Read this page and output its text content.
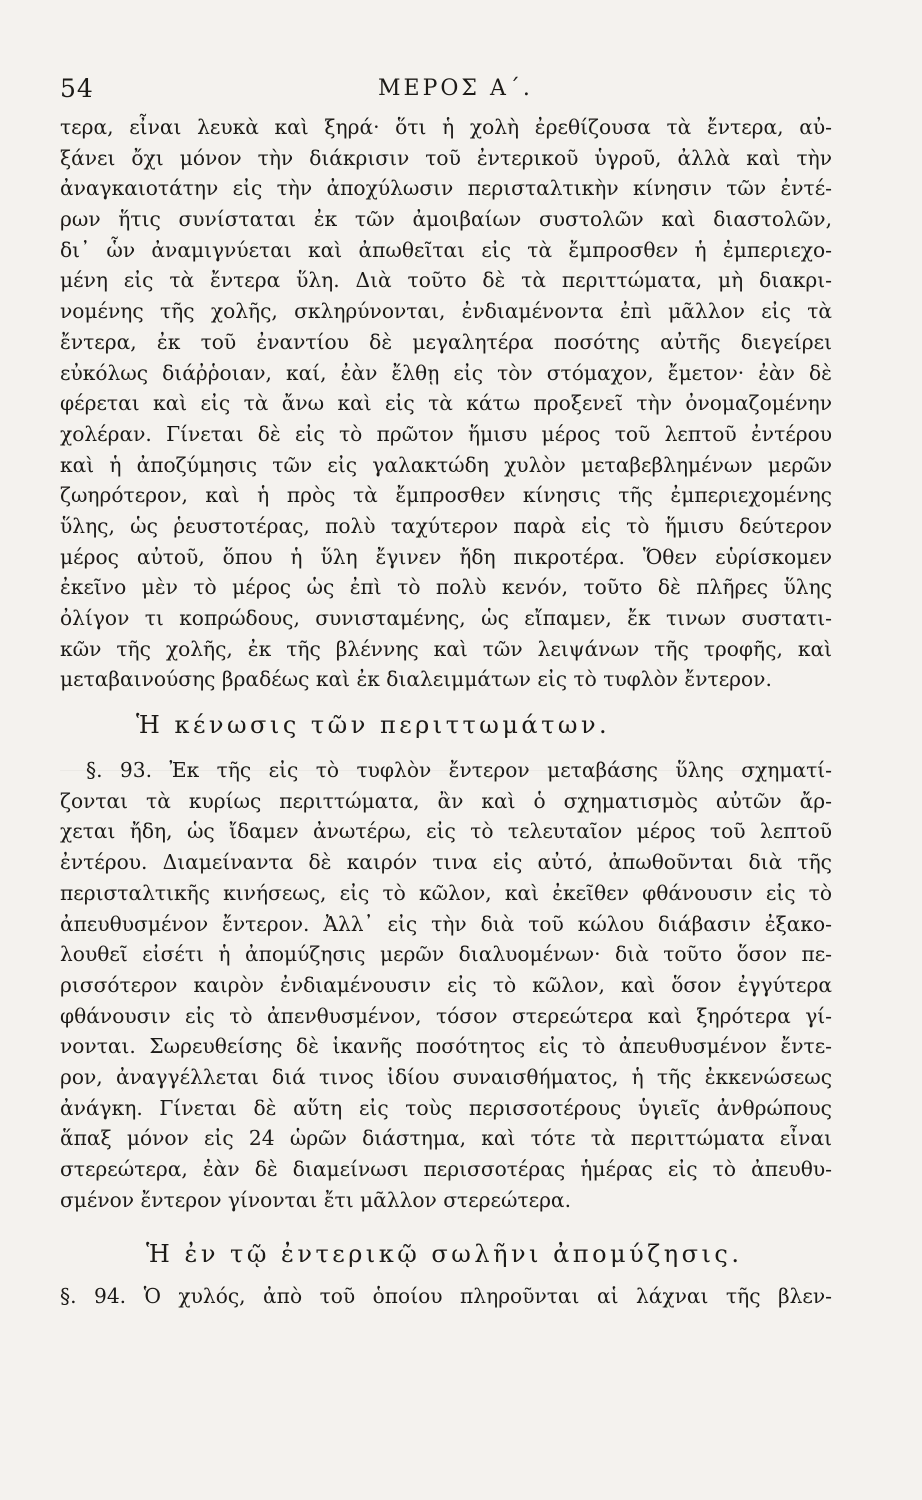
54	ΜΕΡΟΣ Α΄.
τερα, εἶναι λευκὰ καὶ ξηρά· ὅτι ἡ χολὴ ἐρεθίζουσα τὰ ἔντερα, αὐ-
ξάνει ὄχι μόνον τὴν διάκρισιν τοῦ ἐντερικοῦ ὑγροῦ, ἀλλὰ καὶ τὴν
ἀναγκαιοτάτην εἰς τὴν ἀποχύλωσιν περισταλτικὴν κίνησιν τῶν ἐντέ-
ρων ἥτις συνίσταται ἐκ τῶν ἀμοιβαίων συστολῶν καὶ διαστολῶν,
δι᾽ ὧν ἀναμιγνύεται καὶ ἀπωθεῖται εἰς τὰ ἔμπροσθεν ἡ ἐμπεριεχο-
μένη εἰς τὰ ἔντερα ὕλη. Διὰ τοῦτο δὲ τὰ περιττώματα, μὴ διακρι-
νομένης τῆς χολῆς, σκληρύνονται, ἐνδιαμένοντα ἐπὶ μᾶλλον εἰς τὰ
ἔντερα, ἐκ τοῦ ἐναντίου δὲ μεγαλητέρα ποσότης αὐτῆς διεγείρει
εὐκόλως διάῤῥοιαν, καί, ἐὰν ἔλθῃ εἰς τὸν στόμαχον, ἔμετον· ἐὰν δὲ
φέρεται καὶ εἰς τὰ ἄνω καὶ εἰς τὰ κάτω προξενεῖ τὴν ὀνομαζομένην
χολέραν. Γίνεται δὲ εἰς τὸ πρῶτον ἥμισυ μέρος τοῦ λεπτοῦ ἐντέρου
καὶ ἡ ἀποζύμησις τῶν εἰς γαλακτώδη χυλὸν μεταβεβλημένων μερῶν
ζωηρότερον, καὶ ἡ πρὸς τὰ ἔμπροσθεν κίνησις τῆς ἐμπεριεχομένης
ὕλης, ὡς ῥευστοτέρας, πολὺ ταχύτερον παρὰ εἰς τὸ ἥμισυ δεύτερον
μέρος αὐτοῦ, ὅπου ἡ ὕλη ἔγινεν ἤδη πικροτέρα. Ὅθεν εὑρίσκομεν
ἐκεῖνο μὲν τὸ μέρος ὡς ἐπὶ τὸ πολὺ κενόν, τοῦτο δὲ πλῆρες ὕλης
ὀλίγον τι κοπρώδους, συνισταμένης, ὡς εἴπαμεν, ἔκ τινων συστατι-
κῶν τῆς χολῆς, ἐκ τῆς βλέννης καὶ τῶν λειψάνων τῆς τροφῆς, καὶ
μεταβαινούσης βραδέως καὶ ἐκ διαλειμμάτων εἰς τὸ τυφλὸν ἔντερον.
Ἡ κένωσις τῶν περιττωμάτων.
§. 93. Ἐκ τῆς εἰς τὸ τυφλὸν ἔντερον μεταβάσης ὕλης σχηματί-
ζονται τὰ κυρίως περιττώματα, ἂν καὶ ὁ σχηματισμὸς αὐτῶν ἄρ-
χεται ἤδη, ὡς ἴδαμεν ἀνωτέρω, εἰς τὸ τελευταῖον μέρος τοῦ λεπτοῦ
ἐντέρου. Διαμείναντα δὲ καιρόν τινα εἰς αὐτό, ἀπωθοῦνται διὰ τῆς
περισταλτικῆς κινήσεως, εἰς τὸ κῶλον, καὶ ἐκεῖθεν φθάνουσιν εἰς τὸ
ἀπευθυσμένον ἔντερον. Ἀλλ᾽ εἰς τὴν διὰ τοῦ κώλου διάβασιν ἐξακο-
λουθεῖ εἰσέτι ἡ ἀπομύζησις μερῶν διαλυομένων· διὰ τοῦτο ὅσον πε-
ρισσότερον καιρὸν ἐνδιαμένουσιν εἰς τὸ κῶλον, καὶ ὅσον ἐγγύτερα
φθάνουσιν εἰς τὸ ἀπενθυσμένον, τόσον στερεώτερα καὶ ξηρότερα γί-
νονται. Σωρευθείσης δὲ ἱκανῆς ποσότητος εἰς τὸ ἀπευθυσμένον ἔντε-
ρον, ἀναγγέλλεται διά τινος ἰδίου συναισθήματος, ἡ τῆς ἐκκενώσεως
ἀνάγκη. Γίνεται δὲ αὕτη εἰς τοὺς περισσοτέρους ὑγιεῖς ἀνθρώπους
ἅπαξ μόνον εἰς 24 ὡρῶν διάστημα, καὶ τότε τὰ περιττώματα εἶναι
στερεώτερα, ἐὰν δὲ διαμείνωσι περισσοτέρας ἡμέρας εἰς τὸ ἀπευθυ-
σμένον ἔντερον γίνονται ἔτι μᾶλλον στερεώτερα.
Ἡ ἐν τῷ ἐντερικῷ σωλῆνι ἀπομύζησις.
§. 94. Ὁ χυλός, ἀπὸ τοῦ ὁποίου πληροῦνται αἱ λάχναι τῆς βλεν-
